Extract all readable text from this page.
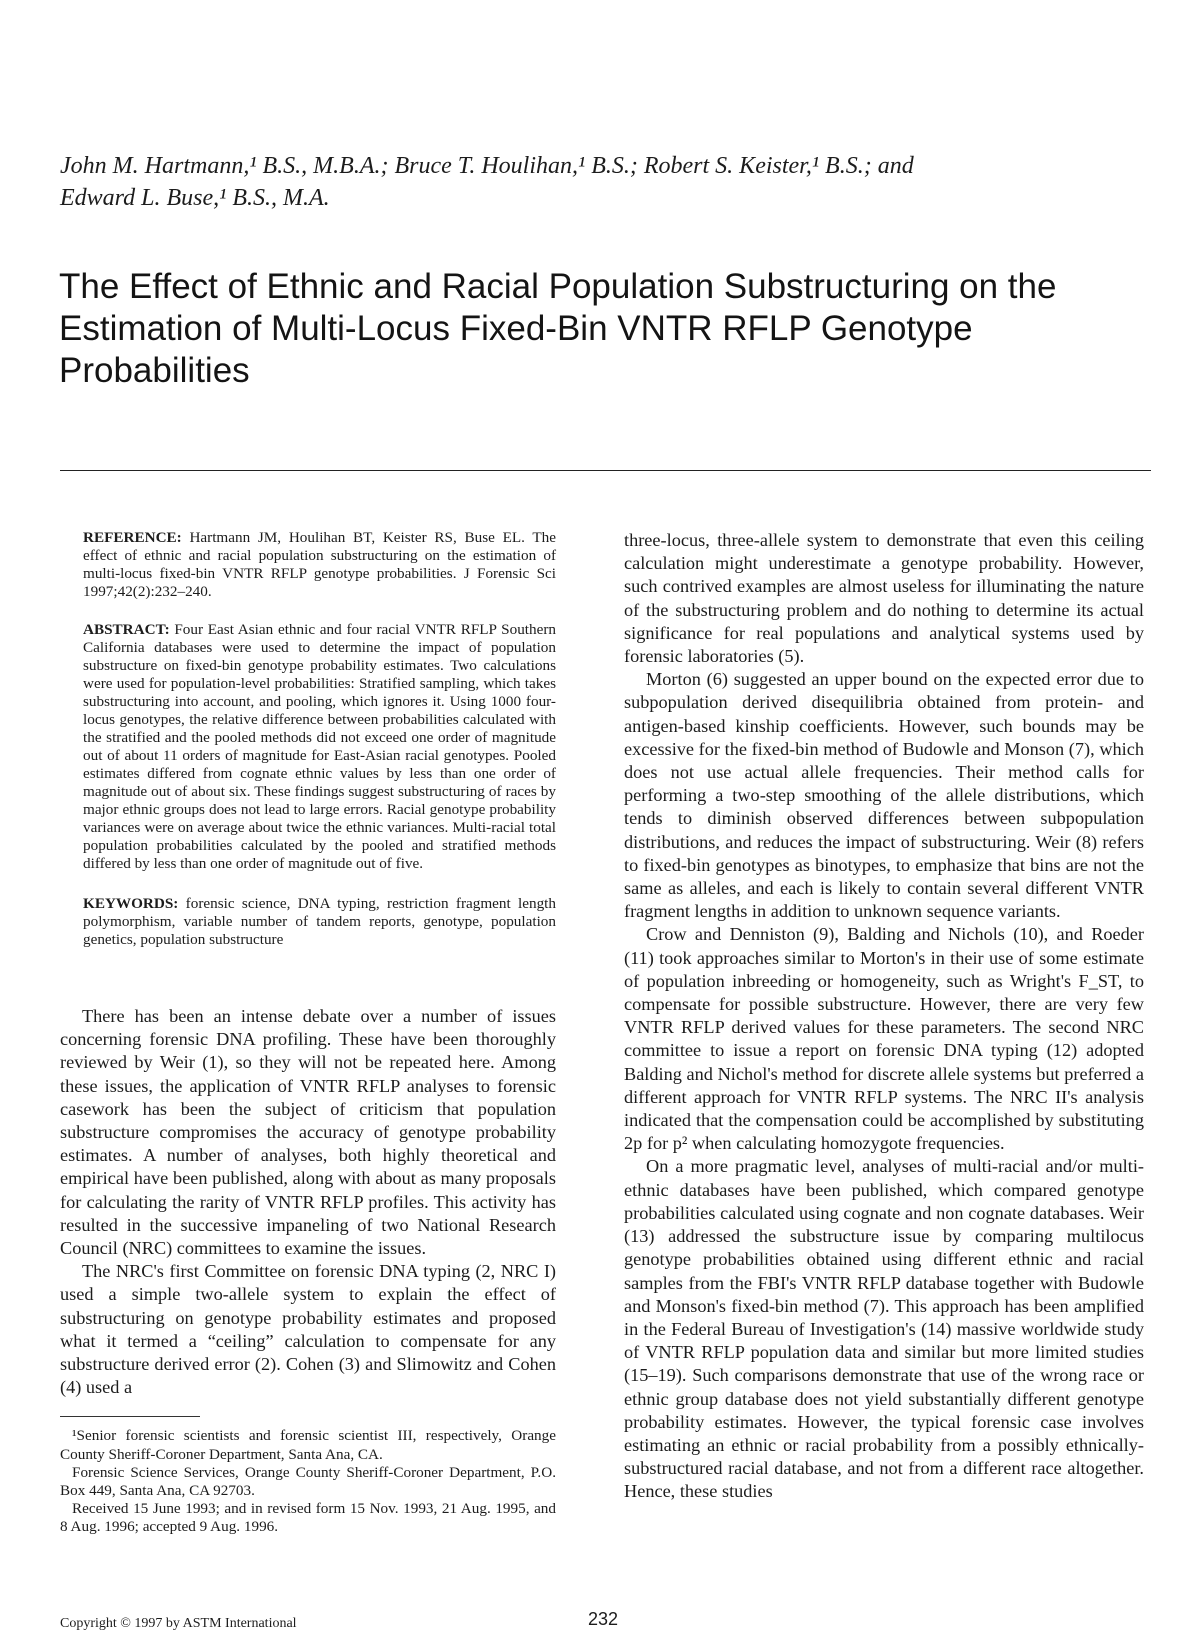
John M. Hartmann,¹ B.S., M.B.A.; Bruce T. Houlihan,¹ B.S.; Robert S. Keister,¹ B.S.; and
Edward L. Buse,¹ B.S., M.A.
The Effect of Ethnic and Racial Population Substructuring on the Estimation of Multi-Locus Fixed-Bin VNTR RFLP Genotype Probabilities

REFERENCE: Hartmann JM, Houlihan BT, Keister RS, Buse EL. The effect of ethnic and racial population substructuring on the estimation of multi-locus fixed-bin VNTR RFLP genotype probabilities. J Forensic Sci 1997;42(2):232–240.

ABSTRACT: Four East Asian ethnic and four racial VNTR RFLP Southern California databases were used to determine the impact of population substructure on fixed-bin genotype probability estimates. Two calculations were used for population-level probabilities: Stratified sampling, which takes substructuring into account, and pooling, which ignores it. Using 1000 four-locus genotypes, the relative difference between probabilities calculated with the stratified and the pooled methods did not exceed one order of magnitude out of about 11 orders of magnitude for East-Asian racial genotypes. Pooled estimates differed from cognate ethnic values by less than one order of magnitude out of about six. These findings suggest substructuring of races by major ethnic groups does not lead to large errors. Racial genotype probability variances were on average about twice the ethnic variances. Multi-racial total population probabilities calculated by the pooled and stratified methods differed by less than one order of magnitude out of five.

KEYWORDS: forensic science, DNA typing, restriction fragment length polymorphism, variable number of tandem reports, genotype, population genetics, population substructure

There has been an intense debate over a number of issues concerning forensic DNA profiling. These have been thoroughly reviewed by Weir (1), so they will not be repeated here. Among these issues, the application of VNTR RFLP analyses to forensic casework has been the subject of criticism that population substructure compromises the accuracy of genotype probability estimates. A number of analyses, both highly theoretical and empirical have been published, along with about as many proposals for calculating the rarity of VNTR RFLP profiles. This activity has resulted in the successive impaneling of two National Research Council (NRC) committees to examine the issues.

The NRC's first Committee on forensic DNA typing (2, NRC I) used a simple two-allele system to explain the effect of substructuring on genotype probability estimates and proposed what it termed a “ceiling” calculation to compensate for any substructure derived error (2). Cohen (3) and Slimowitz and Cohen (4) used a

¹Senior forensic scientists and forensic scientist III, respectively, Orange County Sheriff-Coroner Department, Santa Ana, CA.

Forensic Science Services, Orange County Sheriff-Coroner Department, P.O. Box 449, Santa Ana, CA 92703.

Received 15 June 1993; and in revised form 15 Nov. 1993, 21 Aug. 1995, and 8 Aug. 1996; accepted 9 Aug. 1996.

three-locus, three-allele system to demonstrate that even this ceiling calculation might underestimate a genotype probability. However, such contrived examples are almost useless for illuminating the nature of the substructuring problem and do nothing to determine its actual significance for real populations and analytical systems used by forensic laboratories (5).

Morton (6) suggested an upper bound on the expected error due to subpopulation derived disequilibria obtained from protein- and antigen-based kinship coefficients. However, such bounds may be excessive for the fixed-bin method of Budowle and Monson (7), which does not use actual allele frequencies. Their method calls for performing a two-step smoothing of the allele distributions, which tends to diminish observed differences between subpopulation distributions, and reduces the impact of substructuring. Weir (8) refers to fixed-bin genotypes as binotypes, to emphasize that bins are not the same as alleles, and each is likely to contain several different VNTR fragment lengths in addition to unknown sequence variants.

Crow and Denniston (9), Balding and Nichols (10), and Roeder (11) took approaches similar to Morton's in their use of some estimate of population inbreeding or homogeneity, such as Wright's F_ST, to compensate for possible substructure. However, there are very few VNTR RFLP derived values for these parameters. The second NRC committee to issue a report on forensic DNA typing (12) adopted Balding and Nichol's method for discrete allele systems but preferred a different approach for VNTR RFLP systems. The NRC II's analysis indicated that the compensation could be accomplished by substituting 2p for p² when calculating homozygote frequencies.

On a more pragmatic level, analyses of multi-racial and/or multi-ethnic databases have been published, which compared genotype probabilities calculated using cognate and non cognate databases. Weir (13) addressed the substructure issue by comparing multilocus genotype probabilities obtained using different ethnic and racial samples from the FBI's VNTR RFLP database together with Budowle and Monson's fixed-bin method (7). This approach has been amplified in the Federal Bureau of Investigation's (14) massive worldwide study of VNTR RFLP population data and similar but more limited studies (15–19). Such comparisons demonstrate that use of the wrong race or ethnic group database does not yield substantially different genotype probability estimates. However, the typical forensic case involves estimating an ethnic or racial probability from a possibly ethnically-substructured racial database, and not from a different race altogether. Hence, these studies

Copyright © 1997 by ASTM International	232
